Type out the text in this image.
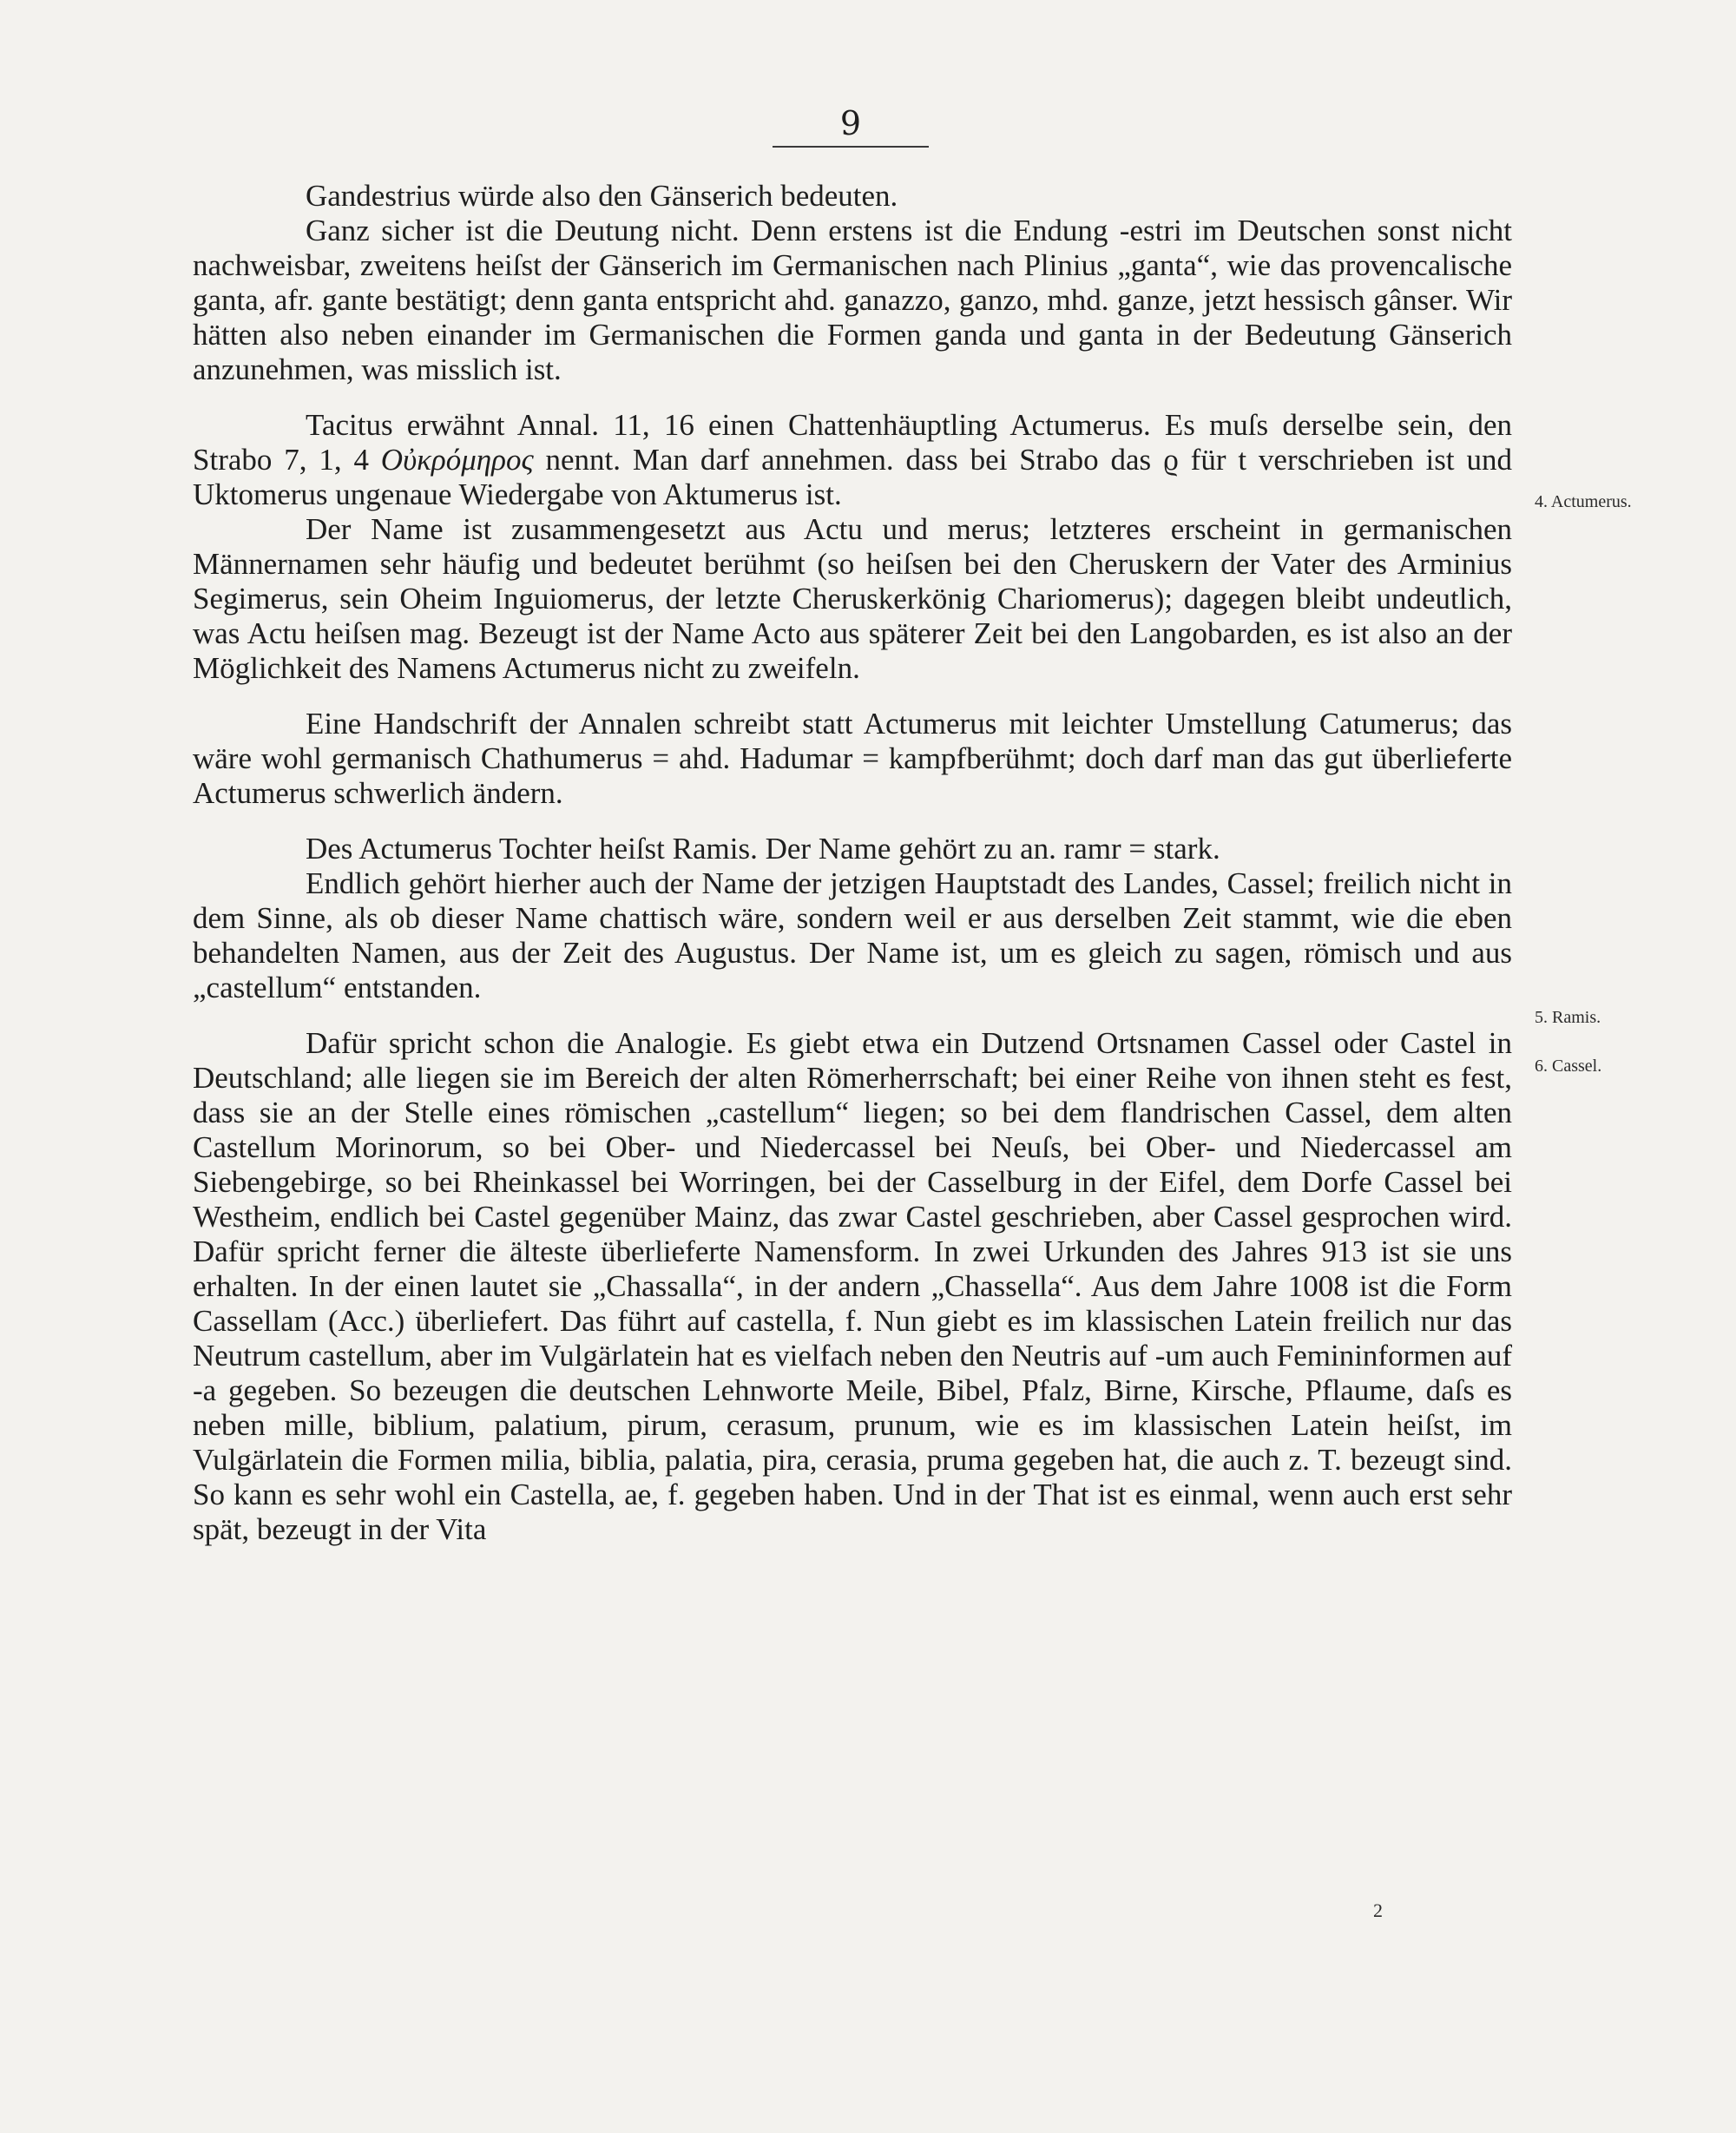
9

Gandestrius würde also den Gänserich bedeuten.

Ganz sicher ist die Deutung nicht. Denn erstens ist die Endung -estri im Deutschen sonst nicht nachweisbar, zweitens heiſst der Gänserich im Germanischen nach Plinius „ganta“, wie das provencalische ganta, afr. gante bestätigt; denn ganta entspricht ahd. ganazzo, ganzo, mhd. ganze, jetzt hessisch gânser. Wir hätten also neben einander im Germanischen die Formen ganda und ganta in der Bedeutung Gänserich anzunehmen, was misslich ist.

Tacitus erwähnt Annal. 11, 16 einen Chattenhäuptling Actumerus. Es muſs derselbe sein, den Strabo 7, 1, 4 Οὐκρόμηρος nennt. Man darf annehmen. dass bei Strabo das ϱ für t verschrieben ist und Uktomerus ungenaue Wiedergabe von Aktumerus ist.

Der Name ist zusammengesetzt aus Actu und merus; letzteres erscheint in germanischen Männernamen sehr häufig und bedeutet berühmt (so heiſsen bei den Cheruskern der Vater des Arminius Segimerus, sein Oheim Inguiomerus, der letzte Cheruskerkönig Chariomerus); dagegen bleibt undeutlich, was Actu heiſsen mag. Bezeugt ist der Name Acto aus späterer Zeit bei den Langobarden, es ist also an der Möglichkeit des Namens Actumerus nicht zu zweifeln.

Eine Handschrift der Annalen schreibt statt Actumerus mit leichter Umstellung Catumerus; das wäre wohl germanisch Chathumerus = ahd. Hadumar = kampfberühmt; doch darf man das gut überlieferte Actumerus schwerlich ändern.

Des Actumerus Tochter heiſst Ramis. Der Name gehört zu an. ramr = stark.

Endlich gehört hierher auch der Name der jetzigen Hauptstadt des Landes, Cassel; freilich nicht in dem Sinne, als ob dieser Name chattisch wäre, sondern weil er aus derselben Zeit stammt, wie die eben behandelten Namen, aus der Zeit des Augustus. Der Name ist, um es gleich zu sagen, römisch und aus „castellum“ entstanden.

Dafür spricht schon die Analogie. Es giebt etwa ein Dutzend Ortsnamen Cassel oder Castel in Deutschland; alle liegen sie im Bereich der alten Römerherrschaft; bei einer Reihe von ihnen steht es fest, dass sie an der Stelle eines römischen „castellum“ liegen; so bei dem flandrischen Cassel, dem alten Castellum Morinorum, so bei Ober- und Niedercassel bei Neuſs, bei Ober- und Niedercassel am Siebengebirge, so bei Rheinkassel bei Worringen, bei der Casselburg in der Eifel, dem Dorfe Cassel bei Westheim, endlich bei Castel gegenüber Mainz, das zwar Castel geschrieben, aber Cassel gesprochen wird. Dafür spricht ferner die älteste überlieferte Namensform. In zwei Urkunden des Jahres 913 ist sie uns erhalten. In der einen lautet sie „Chassalla“, in der andern „Chassella“. Aus dem Jahre 1008 ist die Form Cassellam (Acc.) überliefert. Das führt auf castella, f. Nun giebt es im klassischen Latein freilich nur das Neutrum castellum, aber im Vulgärlatein hat es vielfach neben den Neutris auf -um auch Femininformen auf -a gegeben. So bezeugen die deutschen Lehnworte Meile, Bibel, Pfalz, Birne, Kirsche, Pflaume, daſs es neben mille, biblium, palatium, pirum, cerasum, prunum, wie es im klassischen Latein heiſst, im Vulgärlatein die Formen milia, biblia, palatia, pira, cerasia, pruma gegeben hat, die auch z. T. bezeugt sind. So kann es sehr wohl ein Castella, ae, f. gegeben haben. Und in der That ist es einmal, wenn auch erst sehr spät, bezeugt in der Vita

4. Actumerus.
5. Ramis.
6. Cassel.
2
